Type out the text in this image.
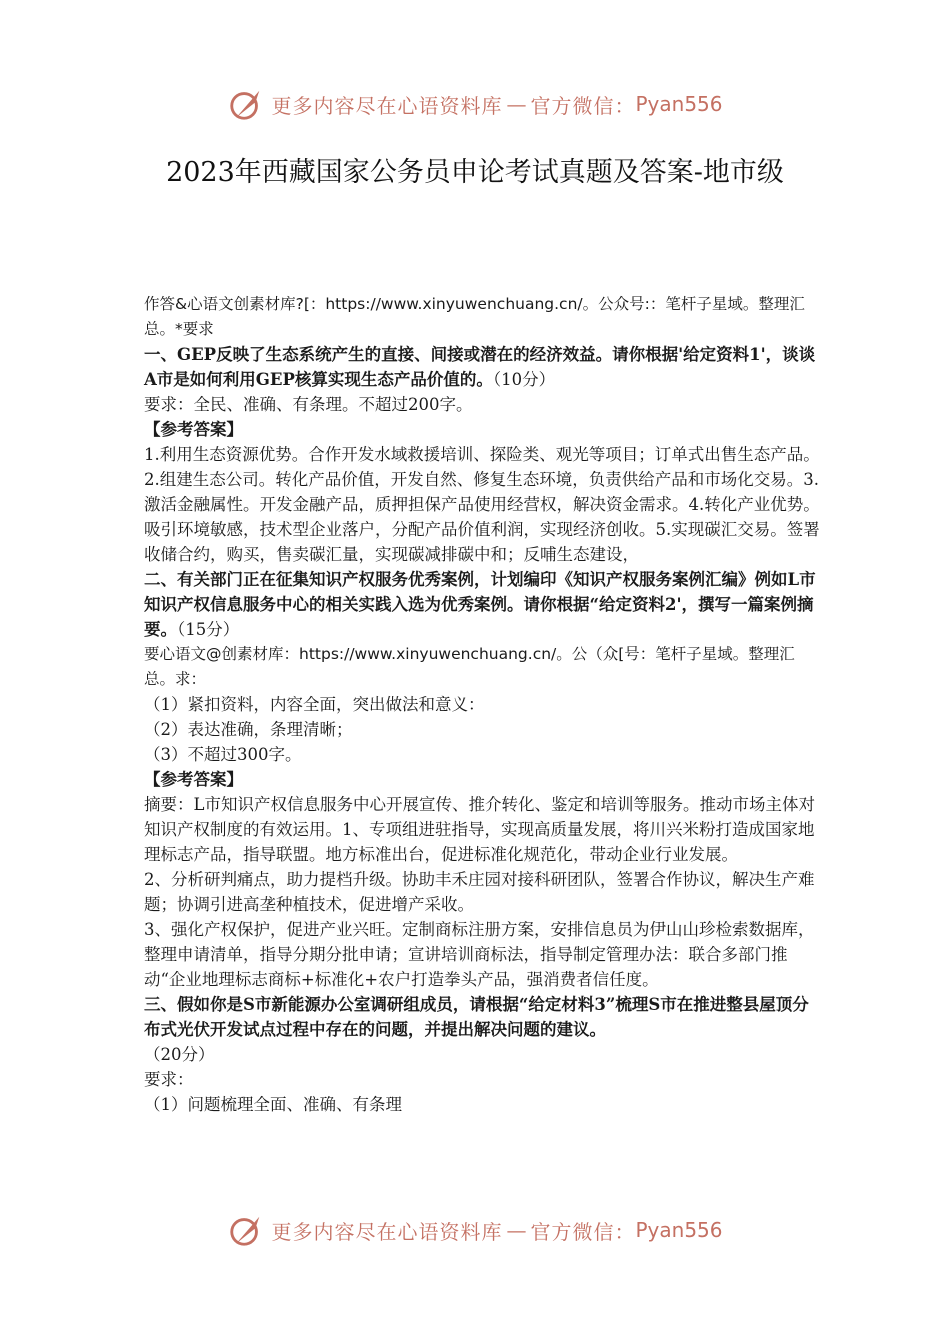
更多内容尽在心语资料库 — 官方微信： Pyan556
2023年西藏国家公务员申论考试真题及答案-地市级

作答&心语文创素材库?[：https://www.xinyuwenchuang.cn/。公众号:：笔杆子星域。整理汇总。*要求

一、GEP反映了生态系统产生的直接、间接或潜在的经济效益。请你根据'给定资料1'，谈谈A市是如何利用GEP核算实现生态产品价值的。（10分）

要求：全民、准确、有条理。不超过200字。

【参考答案】

1.利用生态资源优势。合作开发水域救援培训、探险类、观光等项目；订单式出售生态产品。2.组建生态公司。转化产品价值，开发自然、修复生态环境，负责供给产品和市场化交易。3.激活金融属性。开发金融产品，质押担保产品使用经营权，解决资金需求。4.转化产业优势。吸引环境敏感，技术型企业落户，分配产品价值利润，实现经济创收。5.实现碳汇交易。签署收储合约，购买，售卖碳汇量，实现碳减排碳中和；反哺生态建设，

二、有关部门正在征集知识产权服务优秀案例，计划编印《知识产权服务案例汇编》例如L市知识产权信息服务中心的相关实践入选为优秀案例。请你根据“给定资料2'，撰写一篇案例摘要。（15分）

要心语文@创素材库：https://www.xinyuwenchuang.cn/。公（众[号：笔杆子星域。整理汇总。求：

（1）紧扣资料，内容全面，突出做法和意义：

（2）表达准确，条理清晰；

（3）不超过300字。

【参考答案】

摘要：L市知识产权信息服务中心开展宣传、推介转化、鉴定和培训等服务。推动市场主体对知识产权制度的有效运用。1、专项组进驻指导，实现高质量发展，将川兴米粉打造成国家地理标志产品，指导联盟。地方标准出台，促进标准化规范化，带动企业行业发展。

2、分析研判痛点，助力提档升级。协助丰禾庄园对接科研团队，签署合作协议，解决生产难题；协调引进高垄种植技术，促进增产采收。

3、强化产权保护，促进产业兴旺。定制商标注册方案，安排信息员为伊山山珍检索数据库，整理申请清单，指导分期分批申请；宣讲培训商标法，指导制定管理办法：联合多部门推动“企业地理标志商标+标准化+农户打造拳头产品，强消费者信任度。

三、假如你是S市新能源办公室调研组成员，请根据“给定材料3”梳理S市在推进整县屋顶分布式光伏开发试点过程中存在的问题，并提出解决问题的建议。

（20分）

要求：

（1）问题梳理全面、准确、有条理

更多内容尽在心语资料库 — 官方微信： Pyan556
